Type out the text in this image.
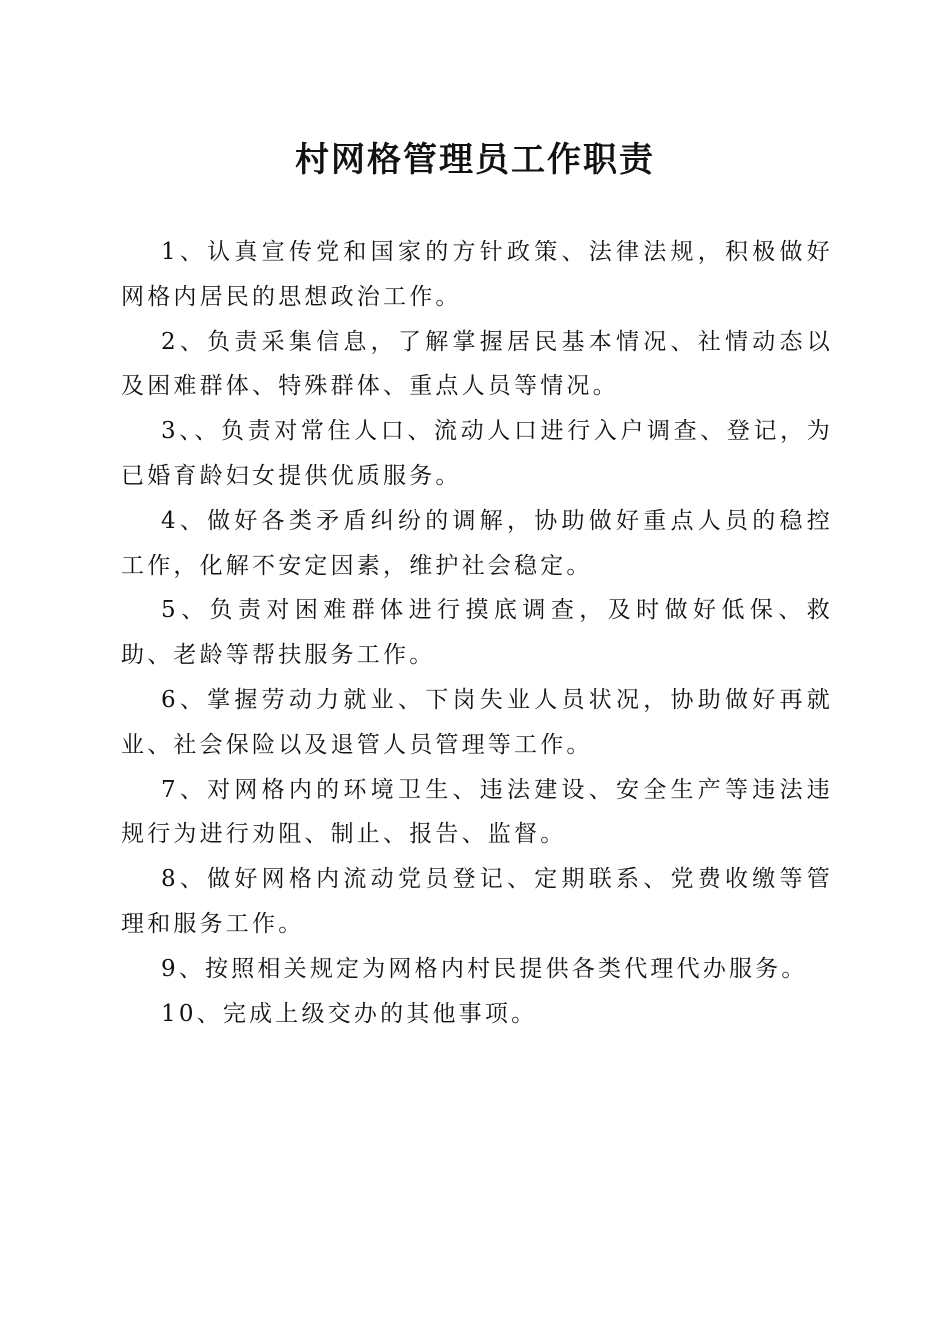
村网格管理员工作职责
1、认真宣传党和国家的方针政策、法律法规，积极做好网格内居民的思想政治工作。
2、负责采集信息，了解掌握居民基本情况、社情动态以及困难群体、特殊群体、重点人员等情况。
3、、负责对常住人口、流动人口进行入户调查、登记，为已婚育龄妇女提供优质服务。
4、做好各类矛盾纠纷的调解，协助做好重点人员的稳控工作，化解不安定因素，维护社会稳定。
5、负责对困难群体进行摸底调查，及时做好低保、救助、老龄等帮扶服务工作。
6、掌握劳动力就业、下岗失业人员状况，协助做好再就业、社会保险以及退管人员管理等工作。
7、对网格内的环境卫生、违法建设、安全生产等违法违规行为进行劝阻、制止、报告、监督。
8、做好网格内流动党员登记、定期联系、党费收缴等管理和服务工作。
9、按照相关规定为网格内村民提供各类代理代办服务。
10、完成上级交办的其他事项。
